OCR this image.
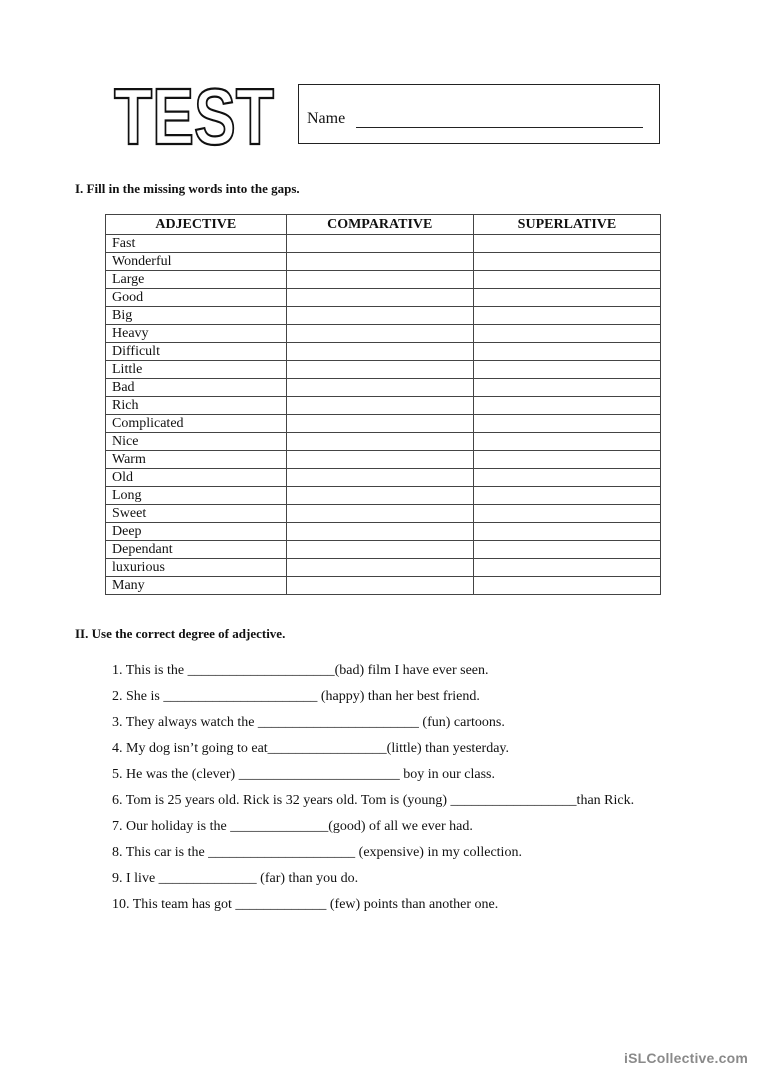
TEST Name
I. Fill in the missing words into the gaps.
ADJECTIVE	COMPARATIVE	SUPERLATIVE
Fast		
Wonderful		
Large		
Good		
Big		
Heavy		
Difficult		
Little		
Bad		
Rich		
Complicated		
Nice		
Warm		
Old		
Long		
Sweet		
Deep		
Dependant		
luxurious		
Many		
II. Use the correct degree of adjective.
1. This is the _____________________(bad) film I have ever seen.
2. She is ______________________ (happy) than her best friend.
3. They always watch the _______________________ (fun) cartoons.
4. My dog isn’t going to eat_________________(little) than yesterday.
5. He was the (clever) _______________________ boy in our class.
6. Tom is 25 years old. Rick is 32 years old. Tom is (young) __________________than Rick.
7. Our holiday is the ______________(good) of all we ever had.
8. This car is the _____________________ (expensive) in my collection.
9. I live ______________ (far) than you do.
10. This team has got _____________ (few) points than another one.
iSLCollective.com
